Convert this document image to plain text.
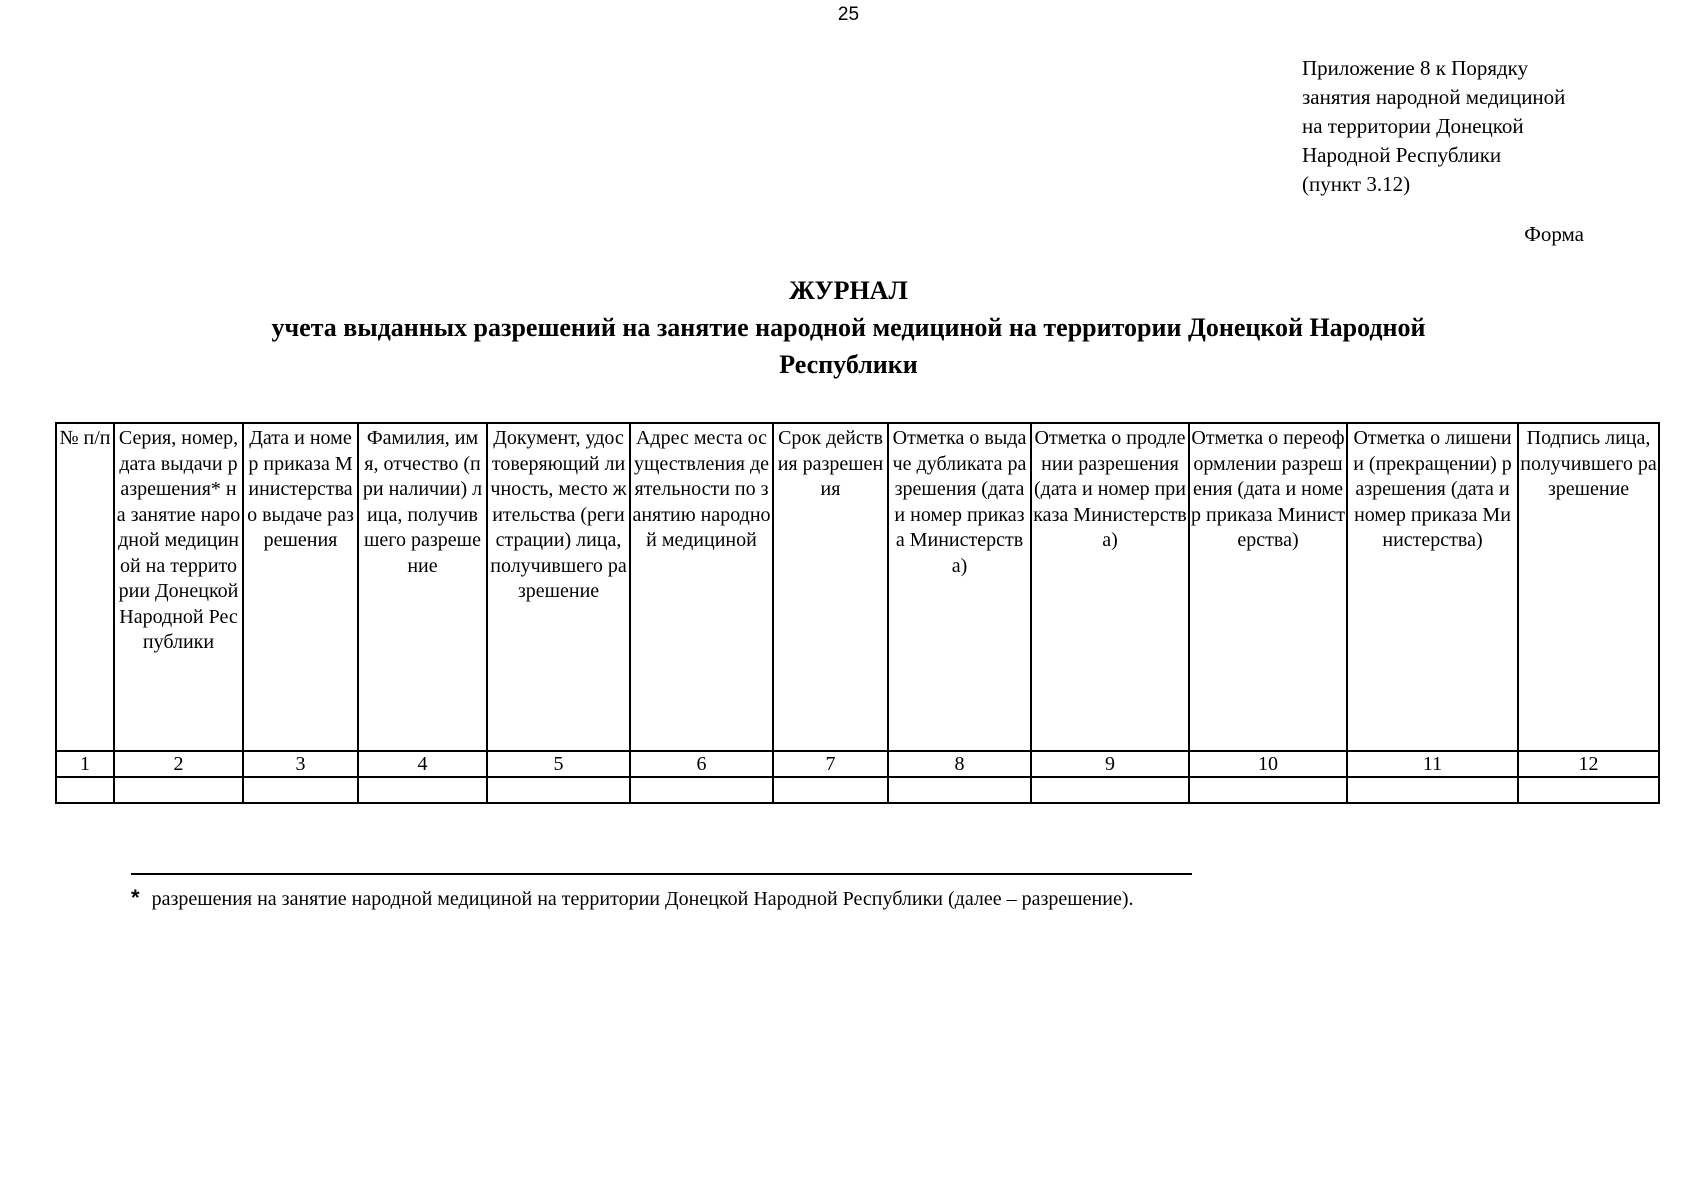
25
Приложение 8 к Порядку
занятия народной медициной
на территории Донецкой
Народной Республики
(пункт 3.12)
Форма
ЖУРНАЛ
учета выданных разрешений на занятие народной медициной на территории Донецкой Народной
Республики
№ п/п	Серия, номер, дата выдачи разрешения* на занятие народной медициной на территории Донецкой Народной Республики	Дата и номер приказа Министерства о выдаче разрешения	Фамилия, имя, отчество (при наличии) лица, получившего разрешение	Документ, удостоверяющий личность, место жительства (регистрации) лица, получившего разрешение	Адрес места осуществления деятельности по занятию народной медициной	Срок действия разрешения	Отметка о выдаче дубликата разрешения (дата и номер приказа Министерства)	Отметка о продлении разрешения (дата и номер приказа Министерства)	Отметка о переоформлении разрешения (дата и номер приказа Министерства)	Отметка о лишении (прекращении) разрешения (дата и номер приказа Министерства)	Подпись лица, получившего разрешение
1	2	3	4	5	6	7	8	9	10	11	12

* разрешения на занятие народной медициной на территории Донецкой Народной Республики (далее – разрешение).
